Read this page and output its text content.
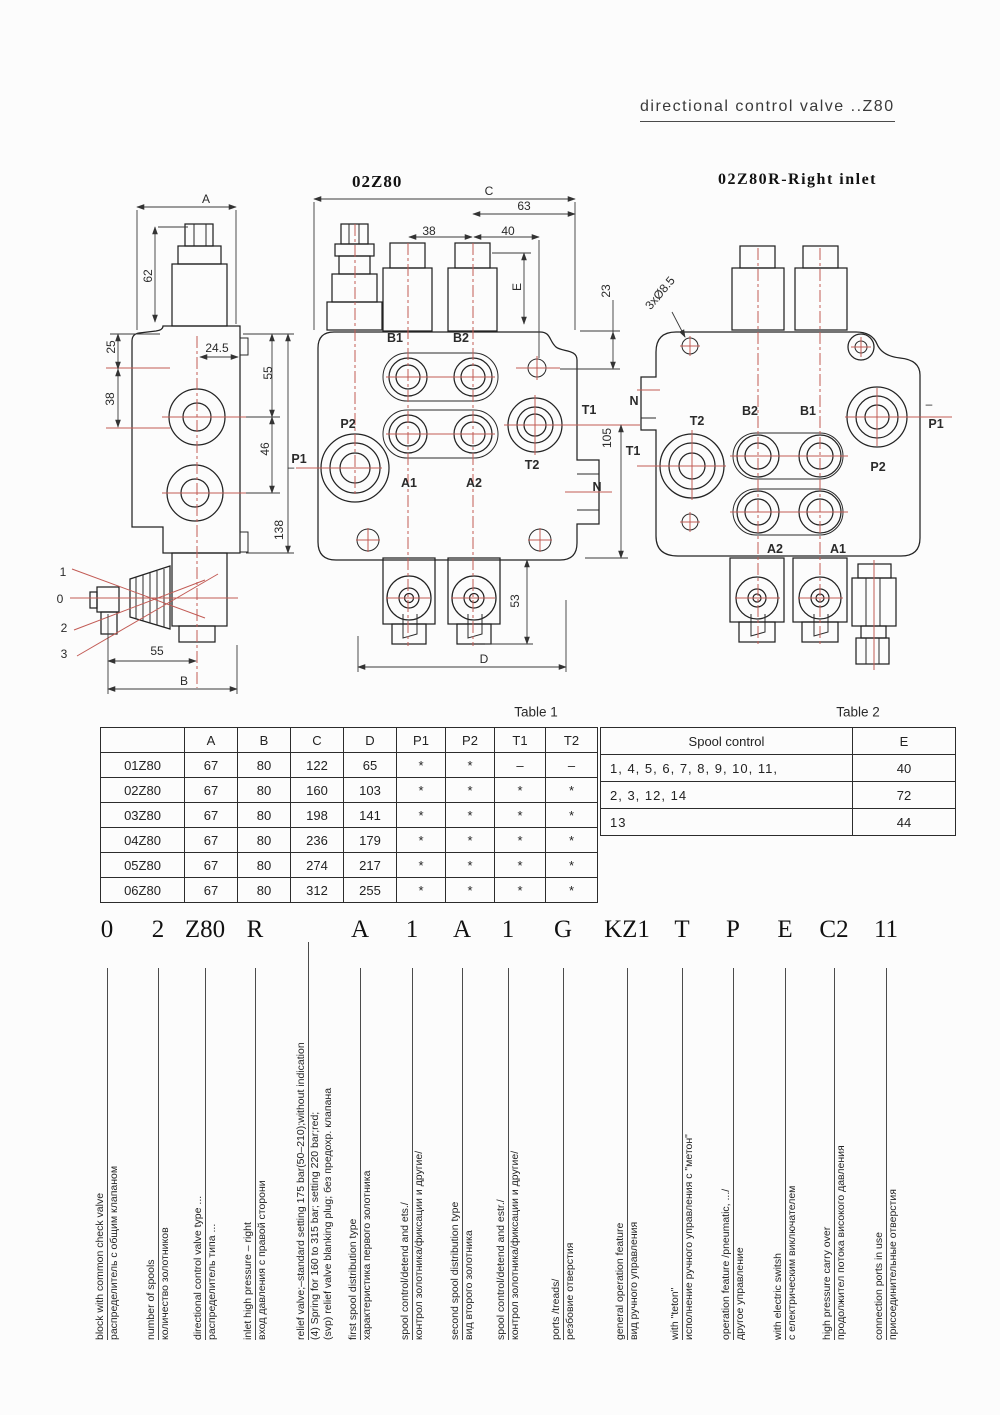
directional control valve ..Z80
02Z80	02Z80R-Right inlet
A
62
25
38
24.5
55
46
138
1
0
2
3	55
B
C
63
38	40
E	23
B1	B2
T1
105
P2
P1
–	T2
A1	A2	N
53
D
3xØ8.5
N
T2
B2	B1	–
P1
T1
P2
A2	A1
Table 1	Table 2
	A	B	C	D	P1	P2	T1	T2
01Z80	67	80	122	65	*	*	–	–
02Z80	67	80	160	103	*	*	*	*
03Z80	67	80	198	141	*	*	*	*
04Z80	67	80	236	179	*	*	*	*
05Z80	67	80	274	217	*	*	*	*
06Z80	67	80	312	255	*	*	*	*
Spool control	E
1, 4, 5, 6, 7, 8, 9, 10, 11,	40
2, 3, 12, 14	72
13	44
0
block with common check valve распределитель с общим клапаном
2
number of spools количество золотников
Z80
directional control valve type ... распределитель типа ...
R
inlet high pressure – right вход давления с правой сторони	relief valve;–standard setting 175 bar(50–210);without indication (4) Spring for 160 to 315 bar; setting 220 bar;red; (svp) relief valve blanking plug; без предохр. клапана
A
first spool distribution type характеристика первого золотника
1
spool control/detend and ets./ контрол золотника/фиксации и другие/
A
second spool distribution type вид второго золотника
1
spool control/detend and estr./ контрол золотника/фиксации и другие/
G
ports /treads/ резбовие отверстия
KZ1
general operation feature вид ручного управления
T
with "teton" исполнение ручного управления с "метон"
P
operation feature /pneumatic, .../ другое управление
E
with electric switsh с електрическим виключателем
C2
high pressure carry over продолжител потока високого давления
11
connection ports in use присоединительные отверстия
